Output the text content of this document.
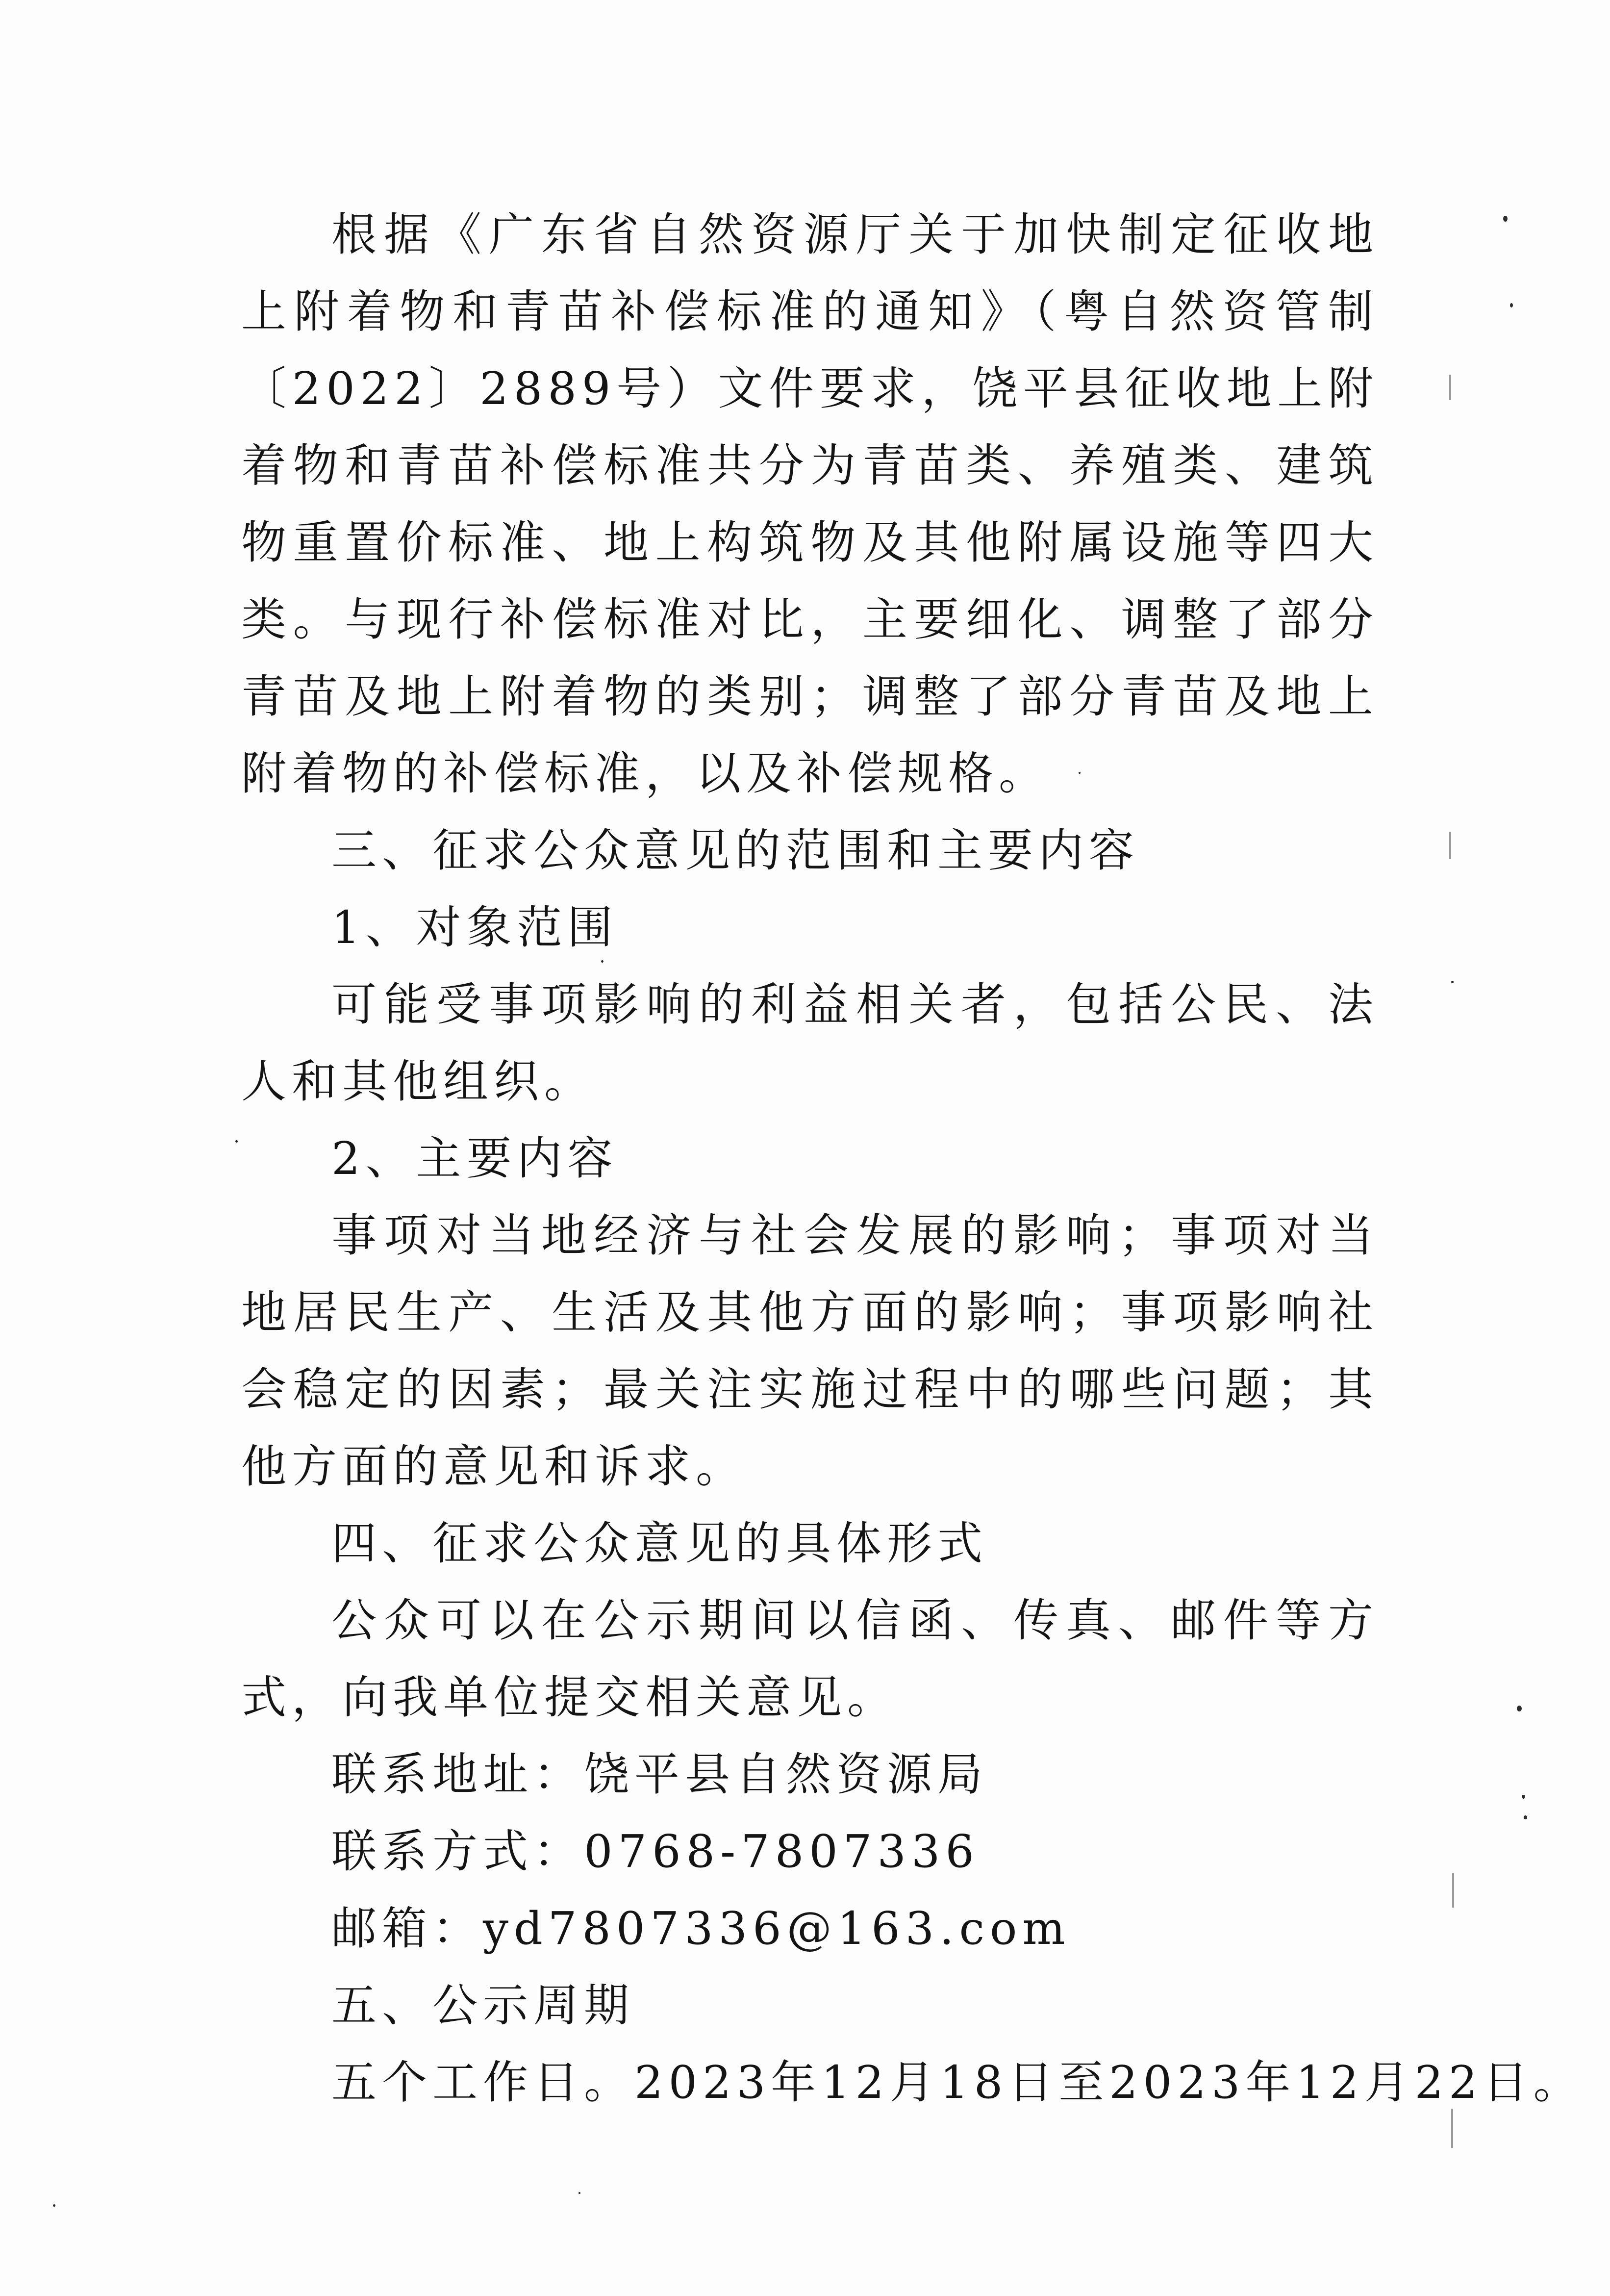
根据《广东省自然资源厅关于加快制定征收地上附着物和青苗补偿标准的通知》（粤自然资管制〔2022〕2889号）文件要求，饶平县征收地上附着物和青苗补偿标准共分为青苗类、养殖类、建筑物重置价标准、地上构筑物及其他附属设施等四大类。与现行补偿标准对比，主要细化、调整了部分青苗及地上附着物的类别；调整了部分青苗及地上附着物的补偿标准，以及补偿规格。

三、征求公众意见的范围和主要内容
1、对象范围

可能受事项影响的利益相关者，包括公民、法人和其他组织。

2、主要内容

事项对当地经济与社会发展的影响；事项对当地居民生产、生活及其他方面的影响；事项影响社会稳定的因素；最关注实施过程中的哪些问题；其他方面的意见和诉求。

四、征求公众意见的具体形式

公众可以在公示期间以信函、传真、邮件等方式，向我单位提交相关意见。

联系地址：饶平县自然资源局
联系方式：0768-7807336
邮箱：yd7807336@163.com
五、公示周期
五个工作日。2023年12月18日至2023年12月22日。
